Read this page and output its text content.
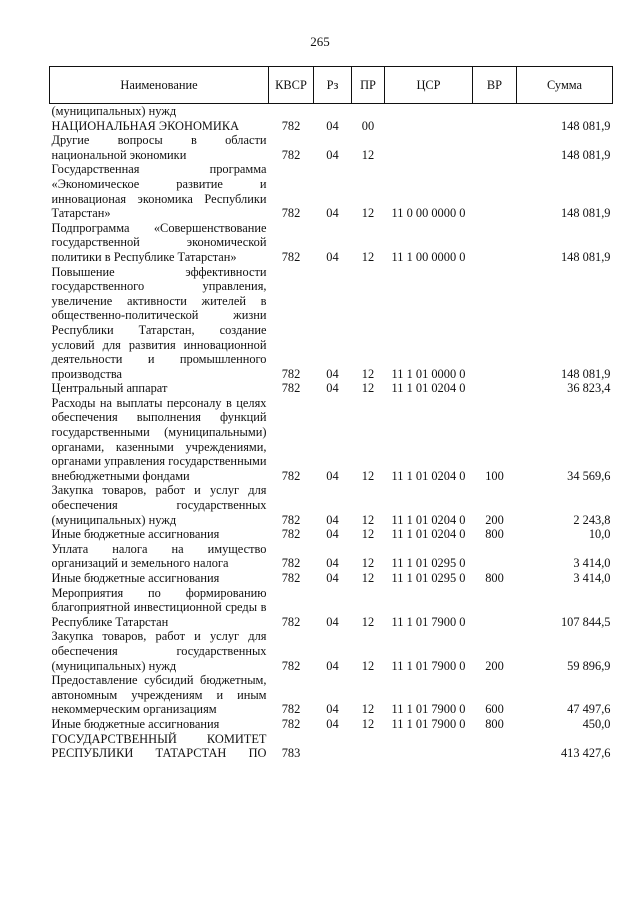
265
Наименование	КВСР	Рз	ПР	ЦСР	ВР	Сумма
(муниципальных) нужд						
НАЦИОНАЛЬНАЯ ЭКОНОМИКА	782	04	00			148 081,9
Другие вопросы в области национальной экономики	782	04	12			148 081,9
Государственная программа «Экономическое развитие и инновационая экономика Республики Татарстан»	782	04	12	11 0 00 0000 0		148 081,9
Подпрограмма «Совершенствование государственной экономической политики в Республике Татарстан»	782	04	12	11 1 00 0000 0		148 081,9
Повышение эффективности государственного управления, увеличение активности жителей в общественно-политической жизни Республики Татарстан, создание условий для развития инновационной деятельности и промышленного производства	782	04	12	11 1 01 0000 0		148 081,9
Центральный аппарат	782	04	12	11 1 01 0204 0		36 823,4
Расходы на выплаты персоналу в целях обеспечения выполнения функций государственными (муниципальными) органами, казенными учреждениями, органами управления государственными внебюджетными фондами	782	04	12	11 1 01 0204 0	100	34 569,6
Закупка товаров, работ и услуг для обеспечения государственных (муниципальных) нужд	782	04	12	11 1 01 0204 0	200	2 243,8
Иные бюджетные ассигнования	782	04	12	11 1 01 0204 0	800	10,0
Уплата налога на имущество организаций и земельного налога	782	04	12	11 1 01 0295 0		3 414,0
Иные бюджетные ассигнования	782	04	12	11 1 01 0295 0	800	3 414,0
Мероприятия по формированию благоприятной инвестиционной среды в Республике Татарстан	782	04	12	11 1 01 7900 0		107 844,5
Закупка товаров, работ и услуг для обеспечения государственных (муниципальных) нужд	782	04	12	11 1 01 7900 0	200	59 896,9
Предоставление субсидий бюджетным, автономным учреждениям и иным некоммерческим организациям	782	04	12	11 1 01 7900 0	600	47 497,6
Иные бюджетные ассигнования	782	04	12	11 1 01 7900 0	800	450,0
ГОСУДАРСТВЕННЫЙ КОМИТЕТ РЕСПУБЛИКИ ТАТАРСТАН ПО	783					413 427,6
